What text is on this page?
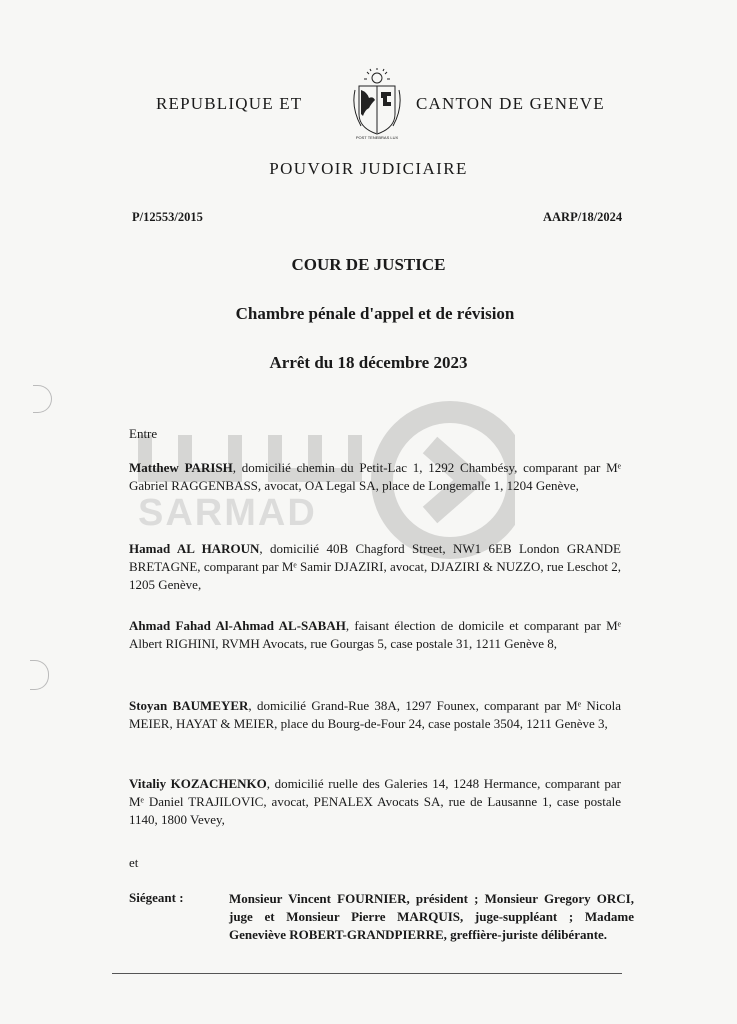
REPUBLIQUE ET
POST TENEBRAS LUX
CANTON DE GENEVE
POUVOIR JUDICIAIRE
P/12553/2015	AARP/18/2024
COUR DE JUSTICE
Chambre pénale d'appel et de révision
Arrêt du 18 décembre 2023
SARMAD
Entre
Matthew PARISH, domicilié chemin du Petit-Lac 1, 1292 Chambésy, comparant par Mᵉ Gabriel RAGGENBASS, avocat, OA Legal SA, place de Longemalle 1, 1204 Genève,
Hamad AL HAROUN, domicilié 40B Chagford Street, NW1 6EB London GRANDE BRETAGNE, comparant par Mᵉ Samir DJAZIRI, avocat, DJAZIRI & NUZZO, rue Leschot 2, 1205 Genève,
Ahmad Fahad Al-Ahmad AL-SABAH, faisant élection de domicile et comparant par Mᵉ Albert RIGHINI, RVMH Avocats, rue Gourgas 5, case postale 31, 1211 Genève 8,
Stoyan BAUMEYER, domicilié Grand-Rue 38A, 1297 Founex, comparant par Mᵉ Nicola MEIER, HAYAT & MEIER, place du Bourg-de-Four 24, case postale 3504, 1211 Genève 3,
Vitaliy KOZACHENKO, domicilié ruelle des Galeries 14, 1248 Hermance, comparant par Mᵉ Daniel TRAJILOVIC, avocat, PENALEX Avocats SA, rue de Lausanne 1, case postale 1140, 1800 Vevey,
et
Siégeant :	Monsieur Vincent FOURNIER, président ; Monsieur Gregory ORCI, juge et Monsieur Pierre MARQUIS, juge-suppléant ; Madame Geneviève ROBERT-GRANDPIERRE, greffière-juriste délibérante.
